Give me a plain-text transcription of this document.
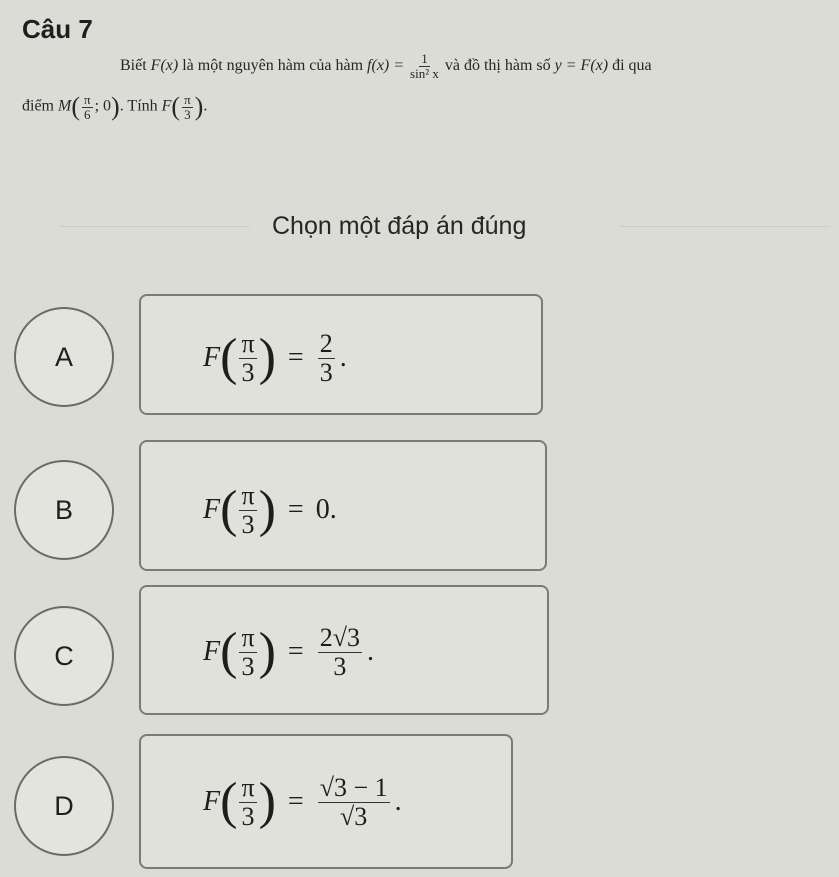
Câu 7
Biết F(x) là một nguyên hàm của hàm $f(x) = \frac{1}{\text{sin² x}}$ và đồ thị hàm số y = F(x) đi qua
điểm $M( \frac{\pi}{6}$ ; 0). Tính $F( \frac{\pi}{3}$ ).
Chọn một đáp án đúng
A	F ( $\frac{\pi}{3}$ ) = $\frac{2}{3}$ .
B	F ( $\frac{\pi}{3}$ ) = 0.
C	F ( $\frac{\pi}{3}$ ) = $\frac{2√3}{3}$ .
D	F ( $\frac{\pi}{3}$ ) = $\frac{√3 - 1}{√3}$ .
